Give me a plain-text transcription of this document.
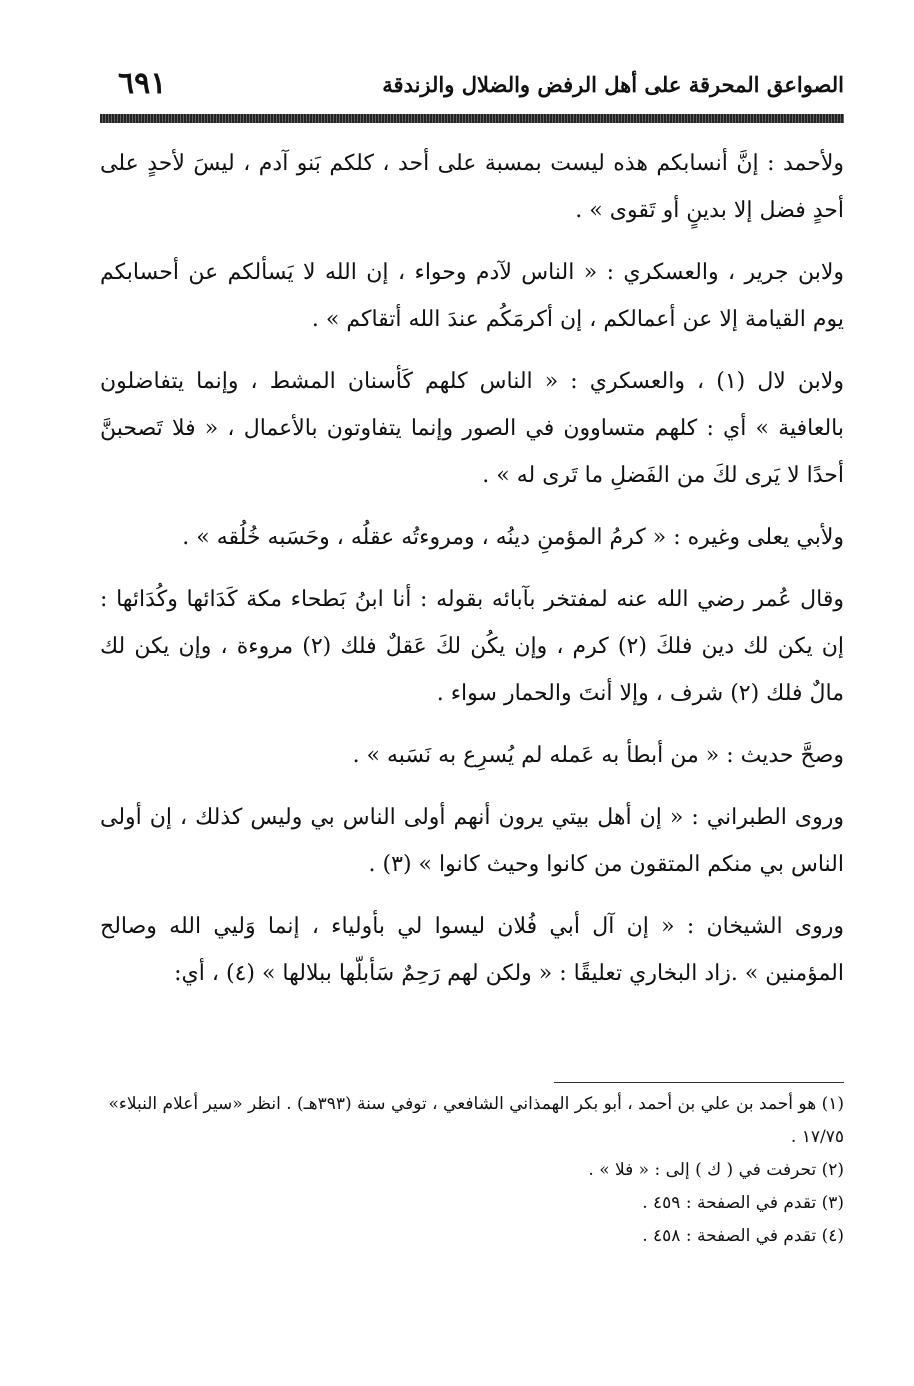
الصواعق المحرقة على أهل الرفض والضلال والزندقة
٦٩١

ولأحمد : إنَّ أنسابكم هذه ليست بمسبة على أحد ، كلكم بَنو آدم ، ليسَ لأحدٍ على أحدٍ فضل إلا بدينٍ أو تَقوى » .

ولابن جرير ، والعسكري : « الناس لآدم وحواء ، إن الله لا يَسألكم عن أحسابكم يوم القيامة إلا عن أعمالكم ، إن أكرمَكُم عندَ الله أتقاكم » .

ولابن لال (١) ، والعسكري : « الناس كلهم كَأسنان المشط ، وإنما يتفاضلون بالعافية » أي : كلهم متساوون في الصور وإنما يتفاوتون بالأعمال ، « فلا تَصحبنَّ أحدًا لا يَرى لكَ من الفَضلِ ما تَرى له » .

ولأبي يعلى وغيره : « كرمُ المؤمنِ دينُه ، ومروءتُه عقلُه ، وحَسَبه خُلُقه » .

وقال عُمر رضي الله عنه لمفتخر بآبائه بقوله : أنا ابنُ بَطحاء مكة كَدَائها وكُدَائها : إن يكن لك دين فلكَ (٢) كرم ، وإن يكُن لكَ عَقلٌ فلك (٢) مروءة ، وإن يكن لك مالٌ فلك (٢) شرف ، وإلا أنتَ والحمار سواء .

وصحَّ حديث : « من أبطأ به عَمله لم يُسرِع به نَسَبه » .

وروى الطبراني : « إن أهل بيتي يرون أنهم أولى الناس بي وليس كذلك ، إن أولى الناس بي منكم المتقون من كانوا وحيث كانوا » (٣) .

وروى الشيخان : « إن آل أبي فُلان ليسوا لي بأولياء ، إنما وَليي الله وصالح المؤمنين » .زاد البخاري تعليقًا : « ولكن لهم رَحِمٌ سَأبلّها ببلالها » (٤) ، أي:

(١) هو أحمد بن علي بن أحمد ، أبو بكر الهمذاني الشافعي ، توفي سنة (٣٩٣هـ) . انظر «سير أعلام النبلاء» ١٧/٧٥ .

(٢) تحرفت في ( ك ) إلى : « فلا » .

(٣) تقدم في الصفحة : ٤٥٩ .

(٤) تقدم في الصفحة : ٤٥٨ .
